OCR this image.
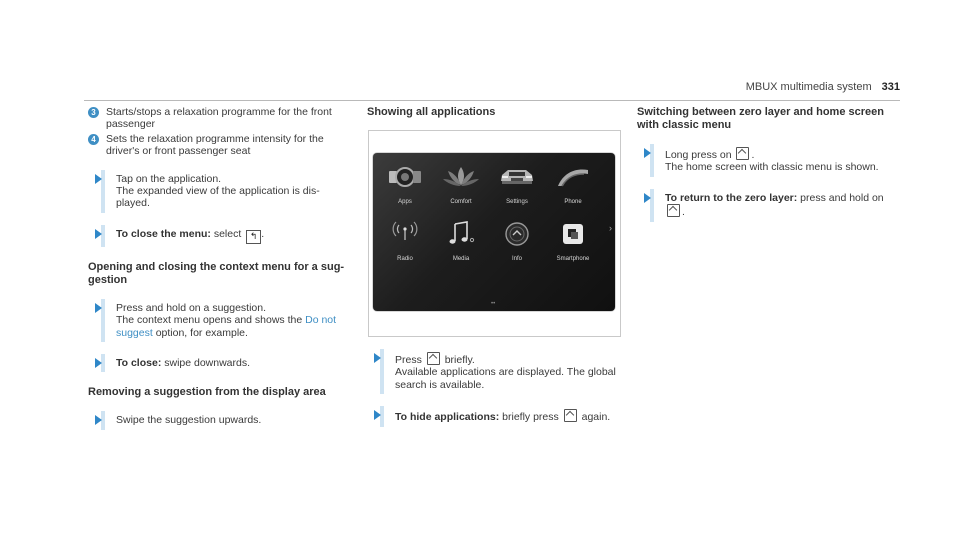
MBUX multimedia system 331
3 Starts/stops a relaxation programme for the front passenger

4 Sets the relaxation programme intensity for the driver's or front passenger seat

Tap on the application.

The expanded view of the application is dis-played.

To close the menu: select ↰ .

Opening and closing the context menu for a sug-gestion

Press and hold on a suggestion.

The context menu opens and shows the Do not suggest option, for example.

To close: swipe downwards.

Removing a suggestion from the display area

Swipe the suggestion upwards.

Showing all applications
Apps	Comfort	Settings	Phone
Radio	Media	Info	Smartphone
›
••

Press briefly.

Available applications are displayed. The global search is available.

To hide applications: briefly press again.

Switching between zero layer and home screen with classic menu

Long press on .

The home screen with classic menu is shown.

To return to the zero layer: press and hold on

.
